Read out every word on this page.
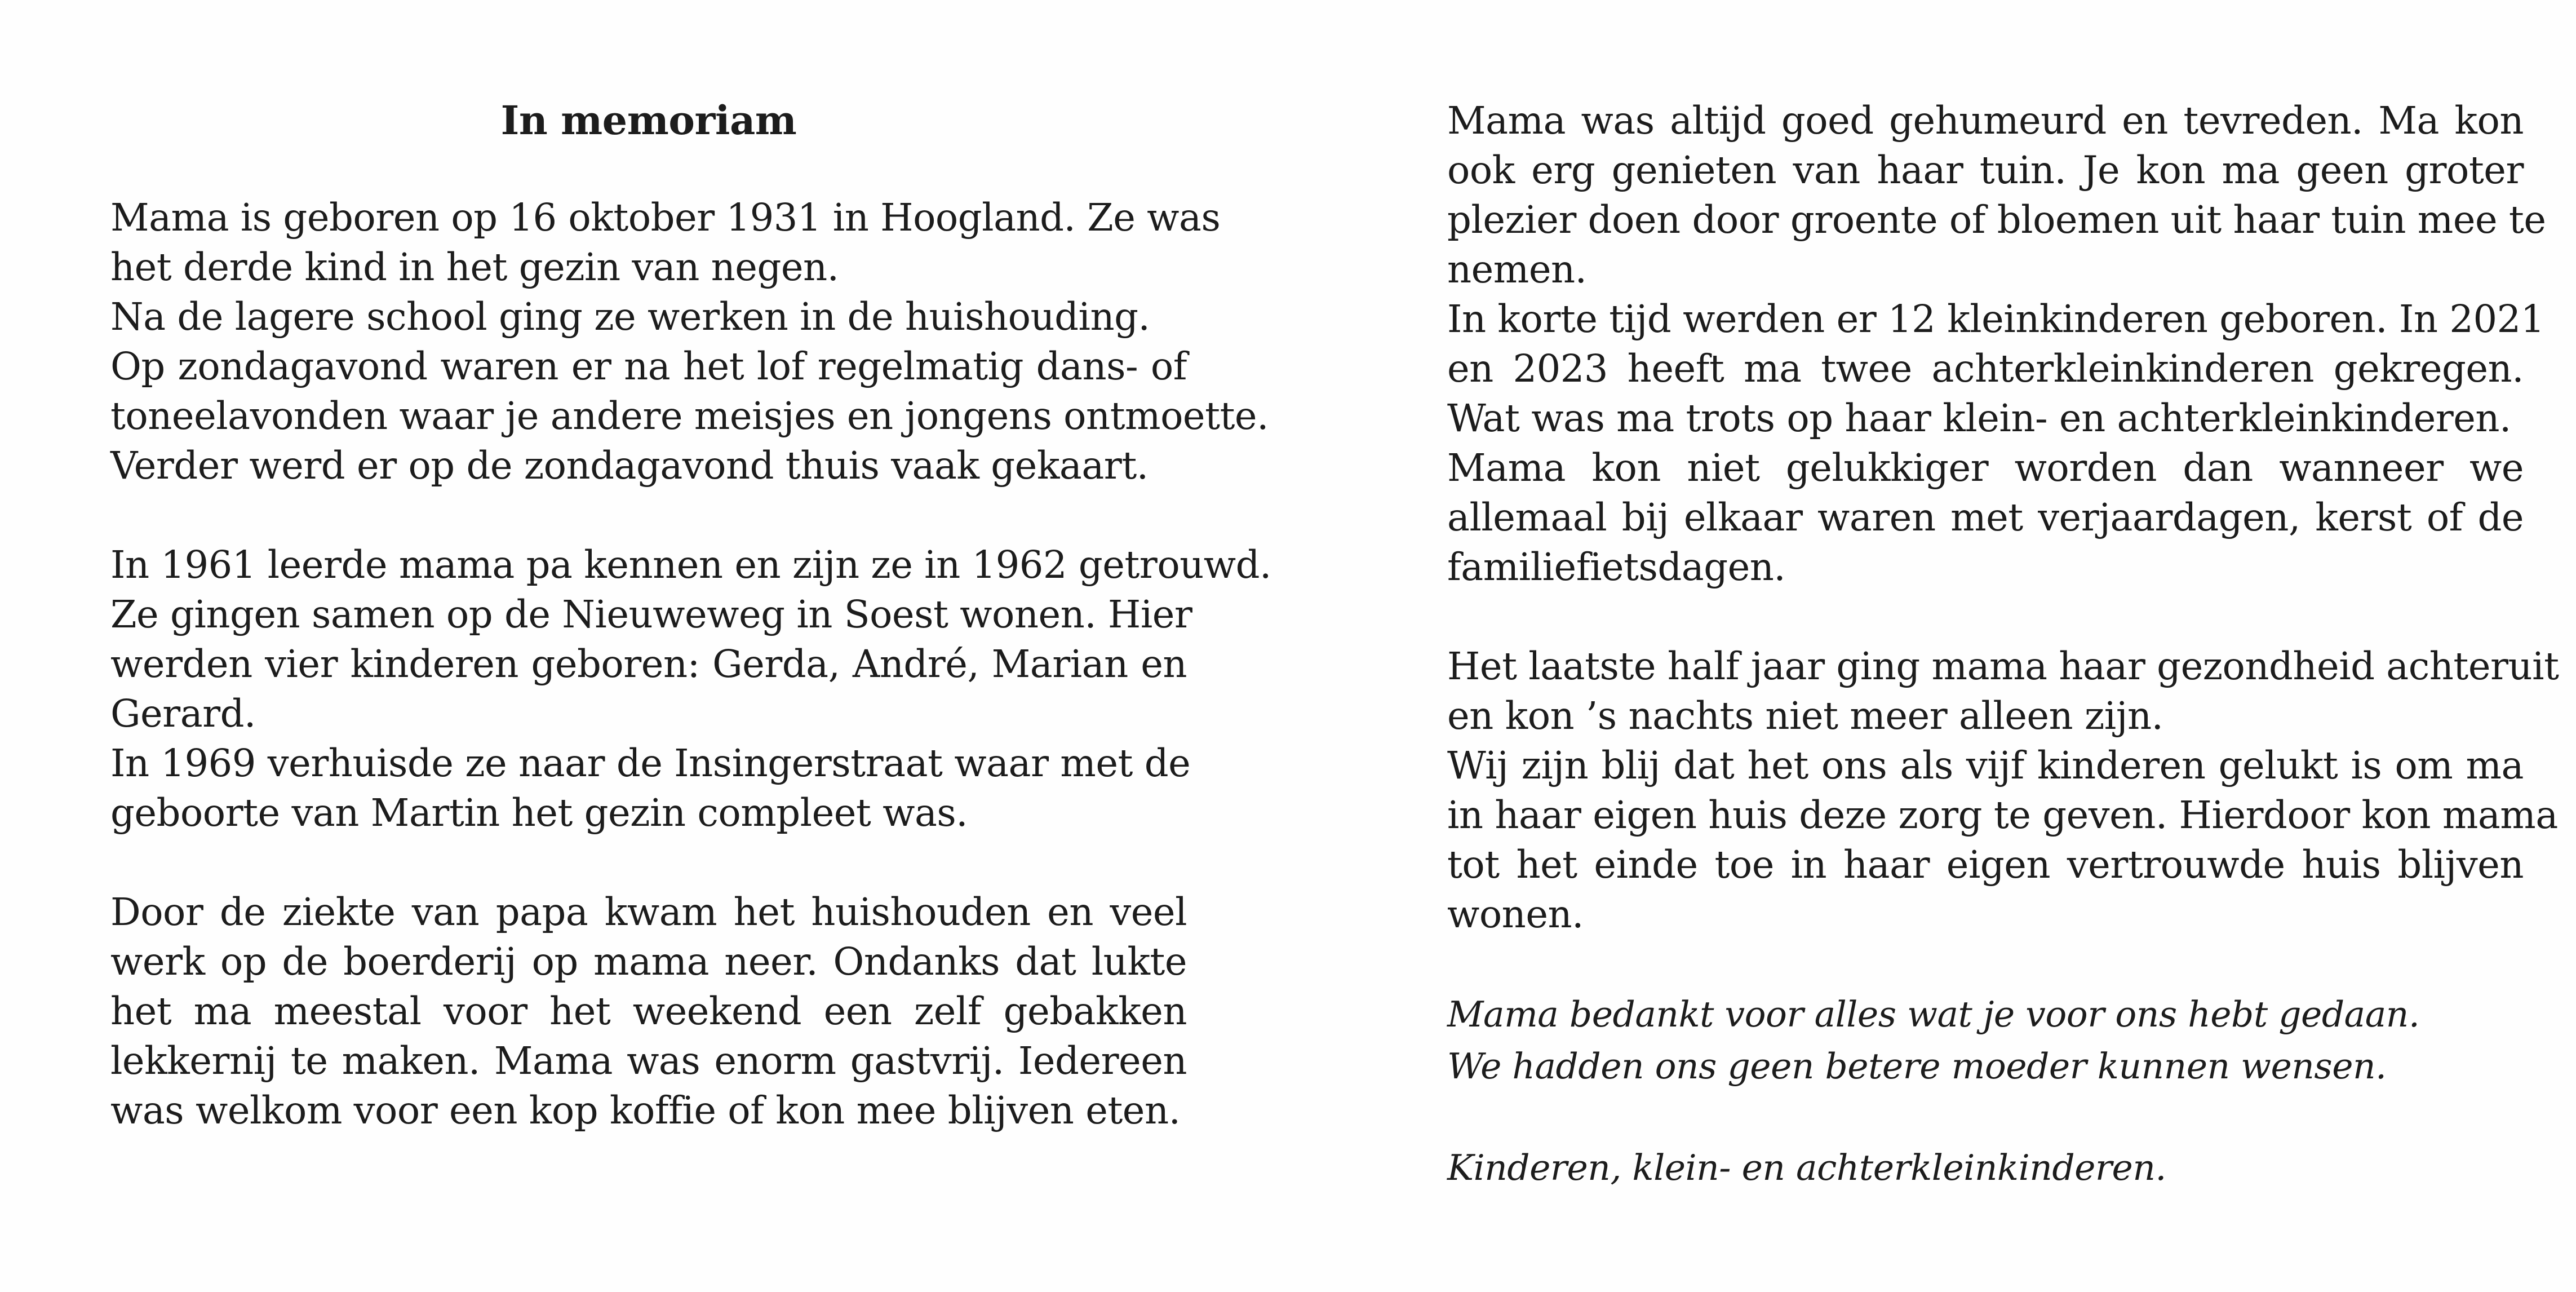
In memoriam
Mama is geboren op 16 oktober 1931 in Hoogland. Ze was
het derde kind in het gezin van negen.
Na de lagere school ging ze werken in de huishouding.
Op zondagavond waren er na het lof regelmatig dans- of
toneelavonden waar je andere meisjes en jongens ontmoette.
Verder werd er op de zondagavond thuis vaak gekaart.
In 1961 leerde mama pa kennen en zijn ze in 1962 getrouwd.
Ze gingen samen op de Nieuweweg in Soest wonen. Hier
werden vier kinderen geboren: Gerda, André, Marian en
Gerard.
In 1969 verhuisde ze naar de Insingerstraat waar met de
geboorte van Martin het gezin compleet was.
Door de ziekte van papa kwam het huishouden en veel
werk op de boerderij op mama neer. Ondanks dat lukte
het ma meestal voor het weekend een zelf gebakken
lekkernij te maken. Mama was enorm gastvrij. Iedereen
was welkom voor een kop koffie of kon mee blijven eten.
Mama was altijd goed gehumeurd en tevreden. Ma kon
ook erg genieten van haar tuin. Je kon ma geen groter
plezier doen door groente of bloemen uit haar tuin mee te
nemen.
In korte tijd werden er 12 kleinkinderen geboren. In 2021
en 2023 heeft ma twee achterkleinkinderen gekregen.
Wat was ma trots op haar klein- en achterkleinkinderen.
Mama kon niet gelukkiger worden dan wanneer we
allemaal bij elkaar waren met verjaardagen, kerst of de
familiefietsdagen.
Het laatste half jaar ging mama haar gezondheid achteruit
en kon ’s nachts niet meer alleen zijn.
Wij zijn blij dat het ons als vijf kinderen gelukt is om ma
in haar eigen huis deze zorg te geven. Hierdoor kon mama
tot het einde toe in haar eigen vertrouwde huis blijven
wonen.
Mama bedankt voor alles wat je voor ons hebt gedaan.
We hadden ons geen betere moeder kunnen wensen.
Kinderen, klein- en achterkleinkinderen.
